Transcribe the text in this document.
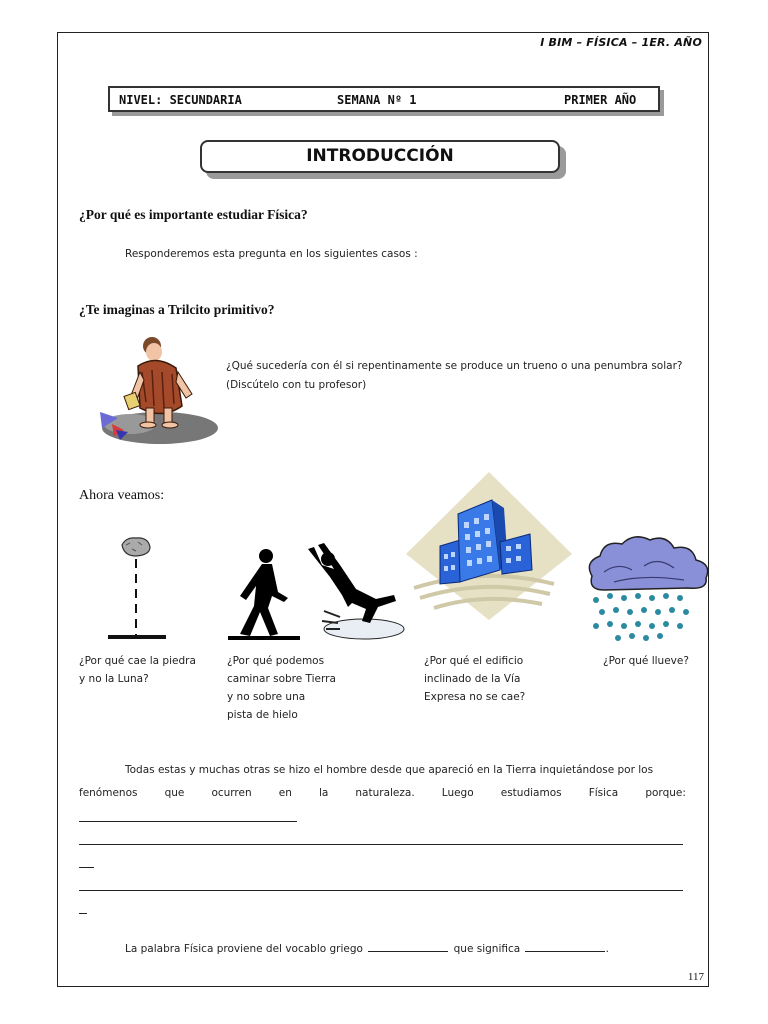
I BIM – FÍSICA – 1ER. AÑO
NIVEL: SECUNDARIA	SEMANA Nº 1	PRIMER AÑO
INTRODUCCIÓN
¿Por qué es importante estudiar Física?
Responderemos esta pregunta en los siguientes casos :
¿Te imaginas a Trilcito primitivo?
¿Qué sucedería con él si repentinamente se produce un trueno o una penumbra solar?
(Discútelo con tu profesor)
Ahora veamos:
¿Por qué cae la piedra
y no la Luna?
¿Por qué podemos
caminar sobre Tierra
y no sobre una
pista de hielo
¿Por qué el edificio
inclinado de la Vía
Expresa no se cae?
¿Por qué llueve?
Todas estas y muchas otras se hizo el hombre desde que apareció en la Tierra inquietándose por los
fenómenos	que	ocurren	en	la	naturaleza.	Luego	estudiamos	Física	porque:
La palabra Física proviene del vocablo griego	que significa	.
117
